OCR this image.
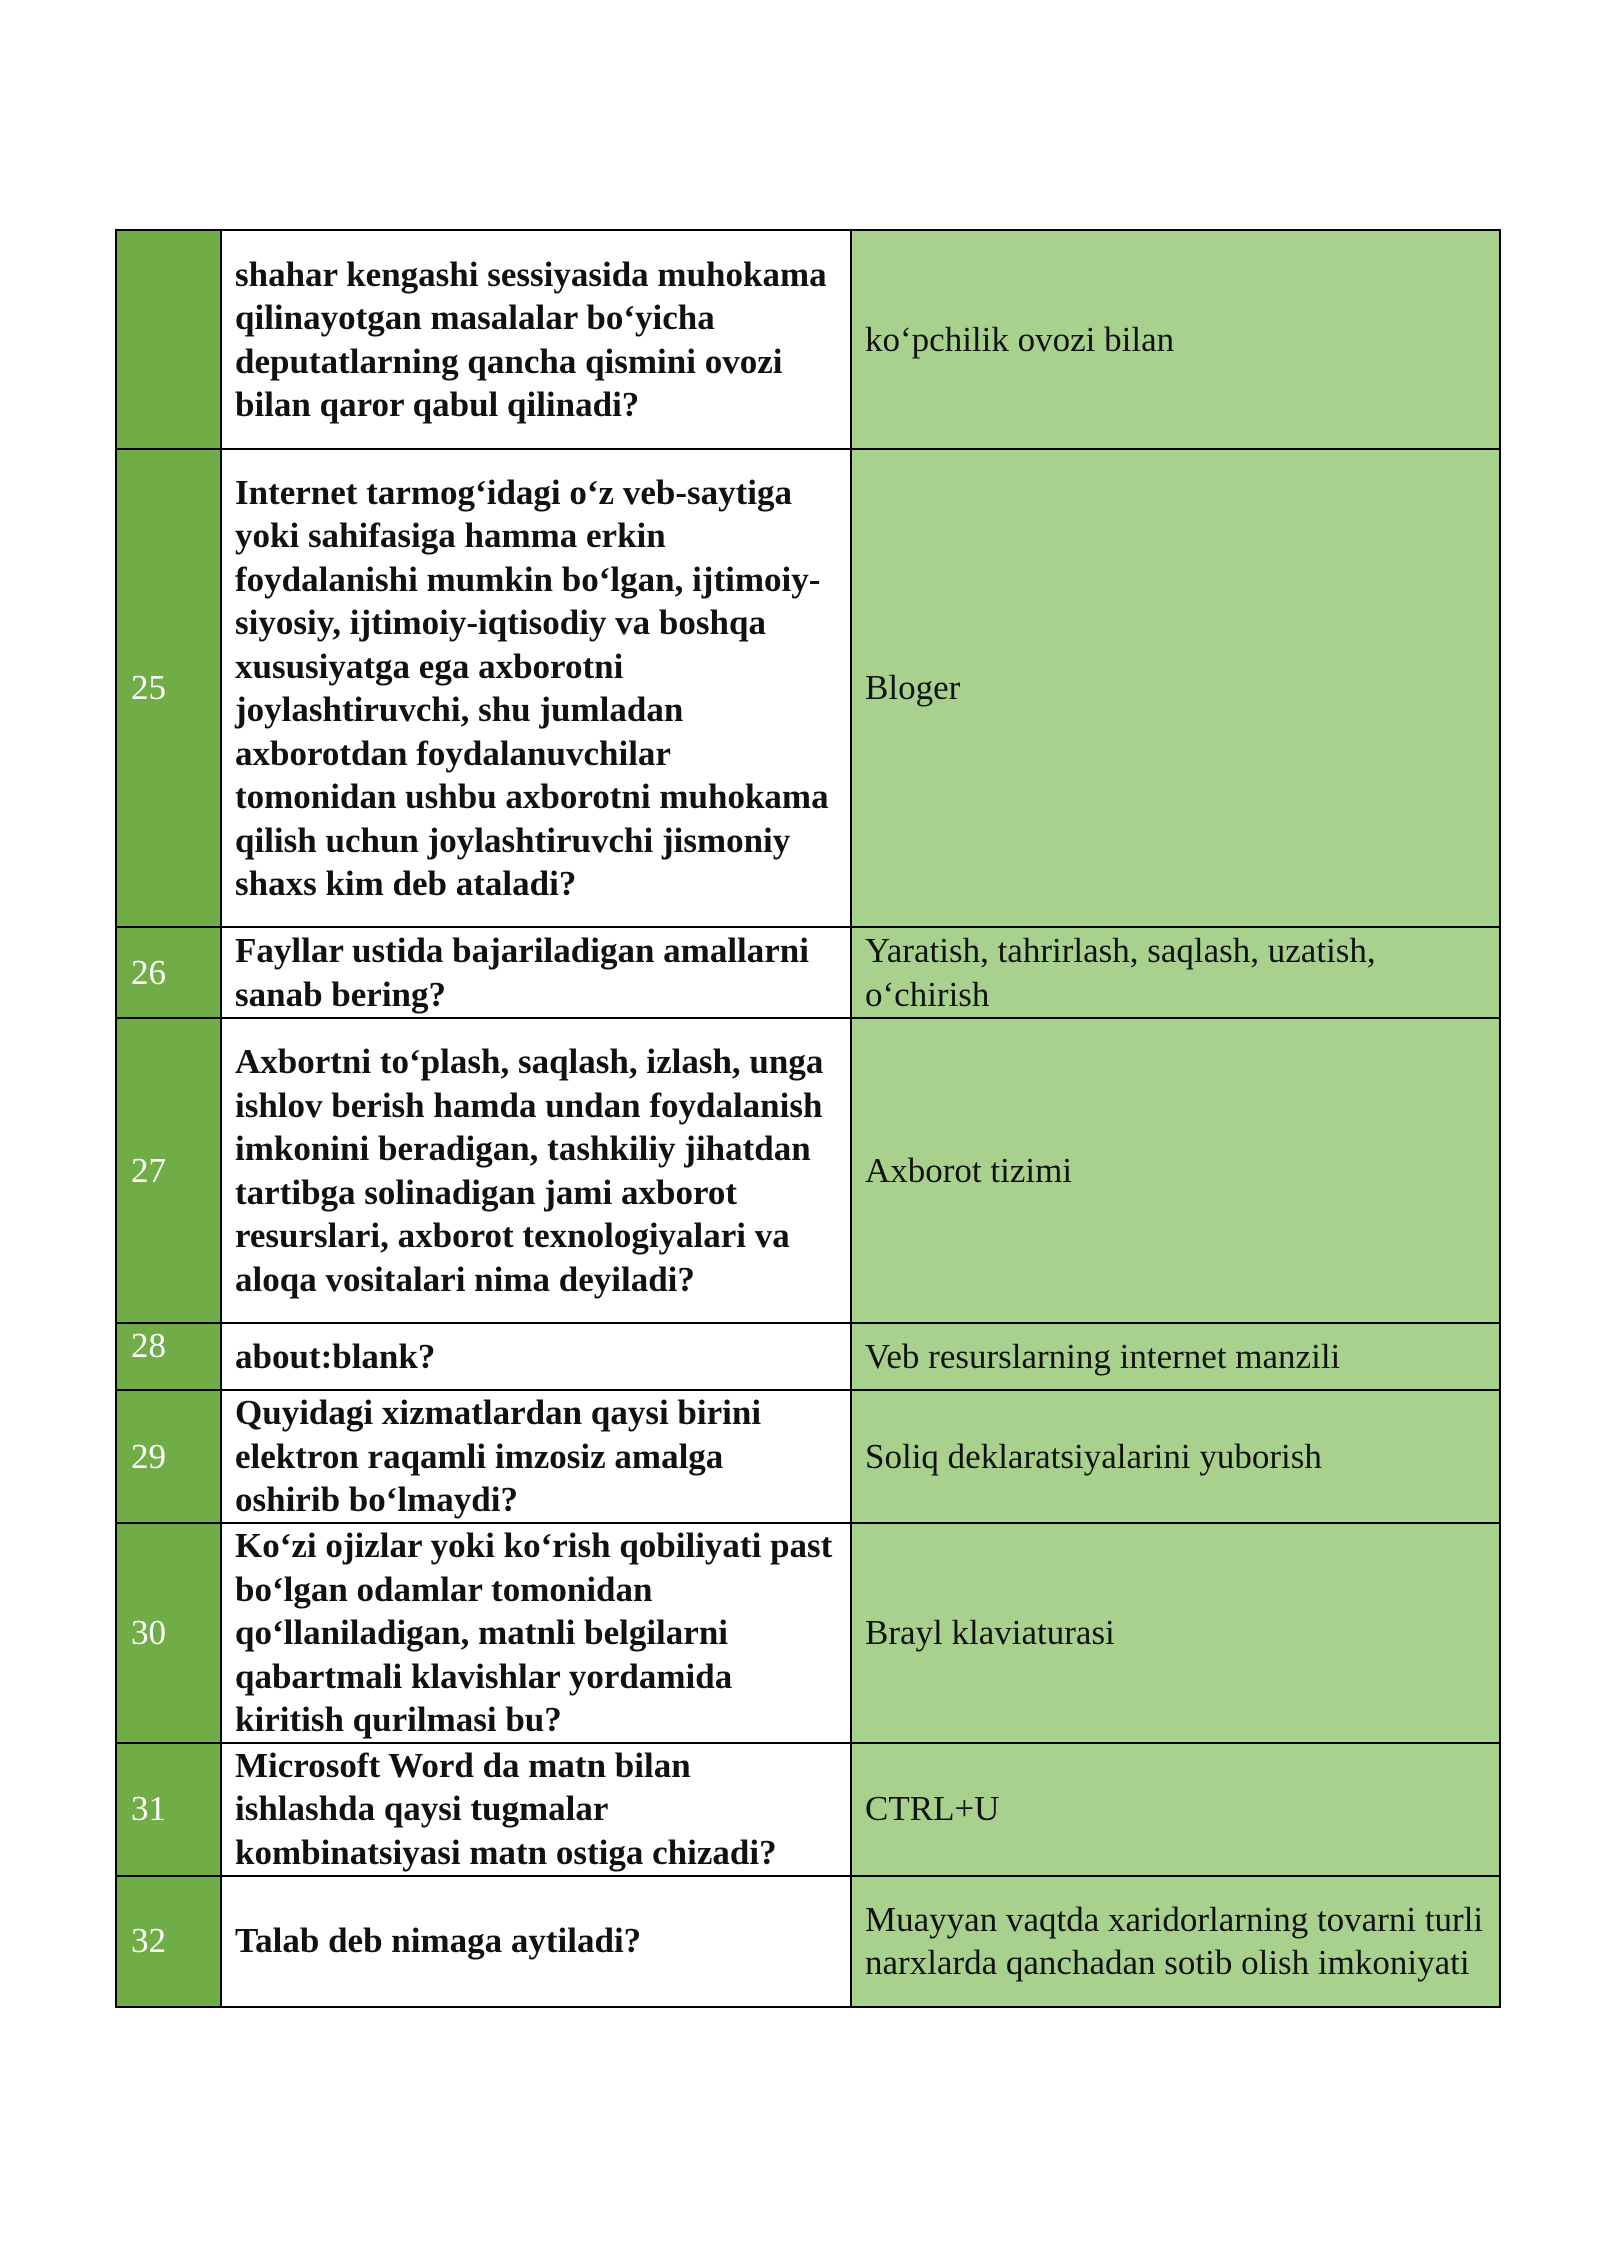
	shahar kengashi sessiyasida muhokama qilinayotgan masalalar bo‘yicha deputatlarning qancha qismini ovozi bilan qaror qabul qilinadi?	ko‘pchilik ovozi bilan
25	Internet tarmog‘idagi o‘z veb-saytiga yoki sahifasiga hamma erkin foydalanishi mumkin bo‘lgan, ijtimoiy-siyosiy, ijtimoiy-iqtisodiy va boshqa xususiyatga ega axborotni joylashtiruvchi, shu jumladan axborotdan foydalanuvchilar tomonidan ushbu axborotni muhokama qilish uchun joylashtiruvchi jismoniy shaxs kim deb ataladi?	Bloger
26	Fayllar ustida bajariladigan amallarni sanab bering?	Yaratish, tahrirlash, saqlash, uzatish, o‘chirish
27	Axbortni to‘plash, saqlash, izlash, unga ishlov berish hamda undan foydalanish imkonini beradigan, tashkiliy jihatdan tartibga solinadigan jami axborot resurslari, axborot texnologiyalari va aloqa vositalari nima deyiladi?	Axborot tizimi
28	about:blank?	Veb resurslarning internet manzili
29	Quyidagi xizmatlardan qaysi birini elektron raqamli imzosiz amalga oshirib bo‘lmaydi?	Soliq deklaratsiyalarini yuborish
30	Ko‘zi ojizlar yoki ko‘rish qobiliyati past bo‘lgan odamlar tomonidan qo‘llaniladigan, matnli belgilarni qabartmali klavishlar yordamida kiritish qurilmasi bu?	Brayl klaviaturasi
31	Microsoft Word da matn bilan ishlashda qaysi tugmalar kombinatsiyasi matn ostiga chizadi?	CTRL+U
32	Talab deb nimaga aytiladi?	Muayyan vaqtda xaridorlarning tovarni turli narxlarda qanchadan sotib olish imkoniyati
